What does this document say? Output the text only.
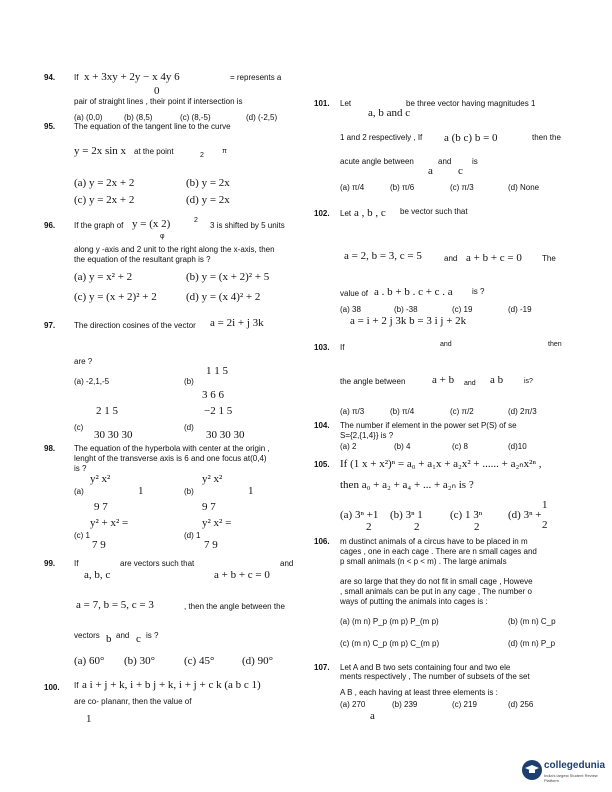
94. If x + 3xy + 2y − x 4y 6	= represents a
0
pair of straight lines , their point if intersection is
(a) (0,0)	(b) (8,5)	(c) (8,-5)	(d) (-2,5)
95. The equation of the tangent line to the curve
y = 2x sin x at the point	2
π
(a) y = 2x + 2	(b) y = 2x
(c) y = 2x + 2	(d) y = 2x
96. If the graph of y = (x 2)	2
3 is shifted by 5 units
φ
along y -axis and 2 unit to the right along the x-axis, then
the equation of the resultant graph is ?
(a) y = x² + 2	(b) y = (x + 2)² + 5
(c) y = (x + 2)² + 2	(d) y = (x 4)² + 2
97. The direction cosines of the vector a = 2i + j 3k
are ?
(a) -2,1,-5	(b)
1 1 5
3 6 6
(c)
2 1 5
30 30 30
(d)
−2 1 5
30 30 30
98. The equation of the hyperbola with center at the origin ,
lenght of the transverse axis is 6 and one focus at(0,4)
is ?
(a)
y² x²
9 7
1	(b)
y² x²
9 7
1
(c) 1
y² + x² =
7 9
(d) 1
y² x² =
7 9
99. If	are vectors such that	and
a, b, c	a + b + c = 0
a = 7, b = 5, c = 3	, then the angle between the
vectors b and c is ?
(a) 60° (b) 30°	(c) 45°	(d) 90°
100. If a i + j + k, i + b j + k, i + j + c k (a b c 1)
are co- pIananr, then the value of
1
101. Let
a, b and c
be three vector having magnitudes 1
1 and 2 respectively , If a (b c) b = 0	then the
acute angle between
a
and
c
is
(a) π/4	(b) π/6	(c) π/3	(d) None
102. Let a , b , c be vector such that
a = 2, b = 3, c = 5	and a + b + c = 0	The
value of a . b + b . c + c . a is ?
(a) 38	(b) -38	(c) 19	(d) -19
a = i + 2 j 3k b = 3 i j + 2k
103. If	and	then
the angle between a + b and a b	is?
(a) π/3	(b) π/4	(c) π/2	(d) 2π/3
104. The number if element in the power set P(S) of se
S={2,{1,4}} is ?
(a) 2	(b) 4	(c) 8	(d)10
105. If (1 x + x²)ⁿ = a₀ + a₁x + a₂x² + ...... + a₂ₙx²ⁿ ,
then a₀ + a₂ + a₄ + ... + a₂ₙ is ?
(a) 3ⁿ +1
2
(b) 3ⁿ 1
2
(c) 1 3ⁿ
2
(d) 3ⁿ +
1
2
106. m dustinct animals of a circus have to be placed in m
cages , one in each cage . There are n small cages and
p small animals (n < p < m) . The large animals
are so large that they do not fit in small cage , Howeve
, small animals can be put in any cage , The number o
ways of putting the animals into cages is :
(a) (m n) P_p (m p) P_(m p)	(b) (m n) C_p
(c) (m n) C_p (m p) C_(m p)	(d) (m n) P_p
107. Let A and B two sets containing four and two ele
ments respectively , The number of subsets of the set
A B , each having at least three elements is :
(a) 270	(b) 239	(c) 219	(d) 256
a
collegedunia
India's largest Student Review Platform
